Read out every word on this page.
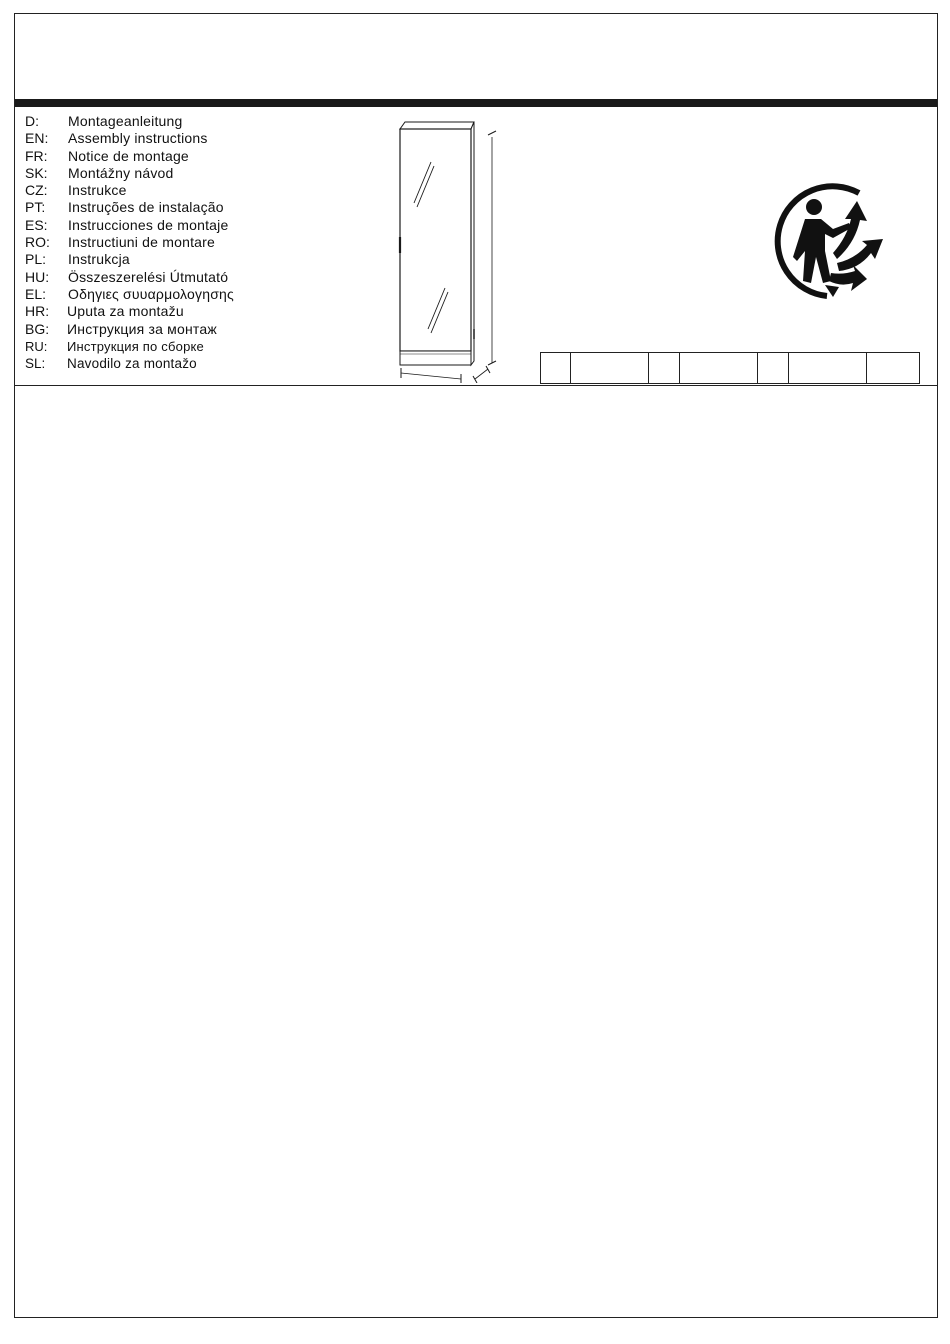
D: Montageanleitung
EN: Assembly instructions
FR: Notice de montage
SK: Montážny návod
CZ: Instrukce
PT: Instruções de instalação
ES: Instrucciones de montaje
RO: Instructiuni de montare
PL: Instrukcja
HU: Összeszerelési Útmutató
EL: Οδηγιες συυαρμολογησης
HR: Uputa za montažu
BG: Инструкция за монтаж
RU: Инструкция по сборке
SL: Navodilo za montažo
